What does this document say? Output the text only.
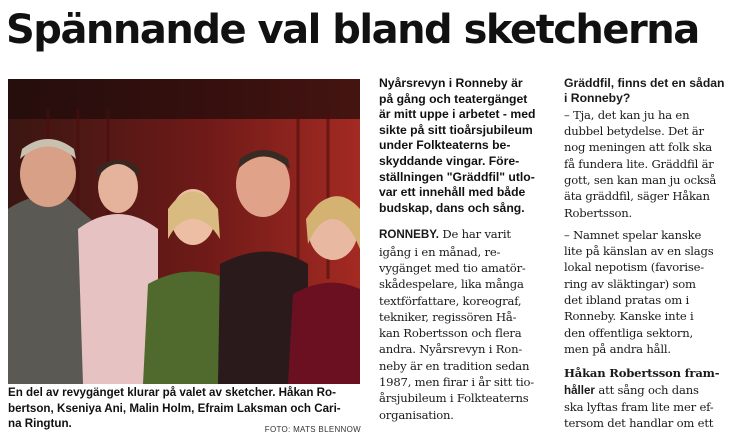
Spännande val bland sketcherna
En del av revygänget klurar på valet av sketcher. Håkan Ro-
bertson, Kseniya Ani, Malin Holm, Efraim Laksman och Cari-
na Ringtun.	FOTO: MATS BLENNOW
Nyårsrevyn i Ronneby är
på gång och teatergänget
är mitt uppe i arbetet - med
sikte på sitt tioårsjubileum
under Folkteaterns be-
skyddande vingar. Före-
ställningen "Gräddfil" utlo-
var ett innehåll med både
budskap, dans och sång.
RONNEBY. De har varit
igång i en månad, re-
vygänget med tio amatör-
skådespelare, lika många
textförfattare, koreograf,
tekniker, regissören Hå-
kan Robertsson och flera
andra. Nyårsrevyn i Ron-
neby är en tradition sedan
1987, men firar i år sitt tio-
årsjubileum i Folkteaterns
organisation.
Gräddfil, finns det en sådan
i Ronneby?
– Tja, det kan ju ha en
dubbel betydelse. Det är
nog meningen att folk ska
få fundera lite. Gräddfil är
gott, sen kan man ju också
äta gräddfil, säger Håkan
Robertsson.
– Namnet spelar kanske
lite på känslan av en slags
lokal nepotism (favorise-
ring av släktingar) som
det ibland pratas om i
Ronneby. Kanske inte i
den offentliga sektorn,
men på andra håll.
Håkan Robertsson fram-
håller att sång och dans
ska lyftas fram lite mer ef-
tersom det handlar om ett
